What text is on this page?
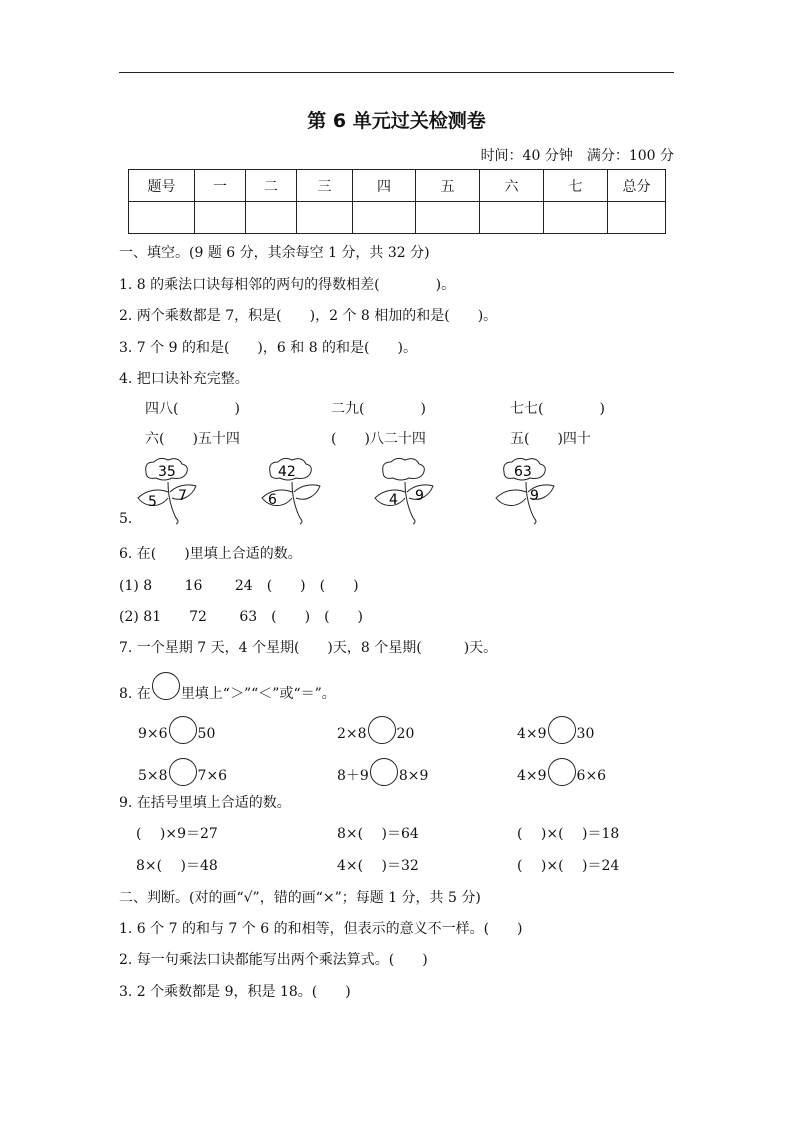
第 6 单元过关检测卷
时间：40 分钟　满分：100 分
题号	一	二	三	四	五	六	七	总分

一、填空。(9 题 6 分，其余每空 1 分，共 32 分)
1. 8 的乘法口诀每相邻的两句的得数相差(　　　　)。
2. 两个乘数都是 7，积是(　　)，2 个 8 相加的和是(　　)。
3. 7 个 9 的和是(　　)，6 和 8 的和是(　　)。
4. 把口诀补充完整。
四八(　　　　)	二九(　　　　)	七七(　　　　)
六(　　)五十四	(　　)八二十四	五(　　)四十
35
5 7
42
6	4 9
63
9
5.
6. 在(　　)里填上合适的数。
(1) 8　　 16　　 24　(　　)　(　　)
(2) 81　　72　　 63　(　　)　(　　)
7. 一个星期 7 天，4 个星期(　　)天，8 个星期(　　　)天。
8. 在 里填上“＞”“＜”或“＝”。
9×6 50	2×8 20	4×9 30
5×8 7×6	8＋9 8×9	4×9 6×6
9. 在括号里填上合适的数。
(　 )×9＝27	8×(　 )＝64	(　 )×(　 )＝18
8×(　 )＝48	4×(　 )＝32	(　 )×(　 )＝24
二、判断。(对的画“√”，错的画“×”；每题 1 分，共 5 分)
1. 6 个 7 的和与 7 个 6 的和相等，但表示的意义不一样。(　　)
2. 每一句乘法口诀都能写出两个乘法算式。(　　)
3. 2 个乘数都是 9，积是 18。(　　)
